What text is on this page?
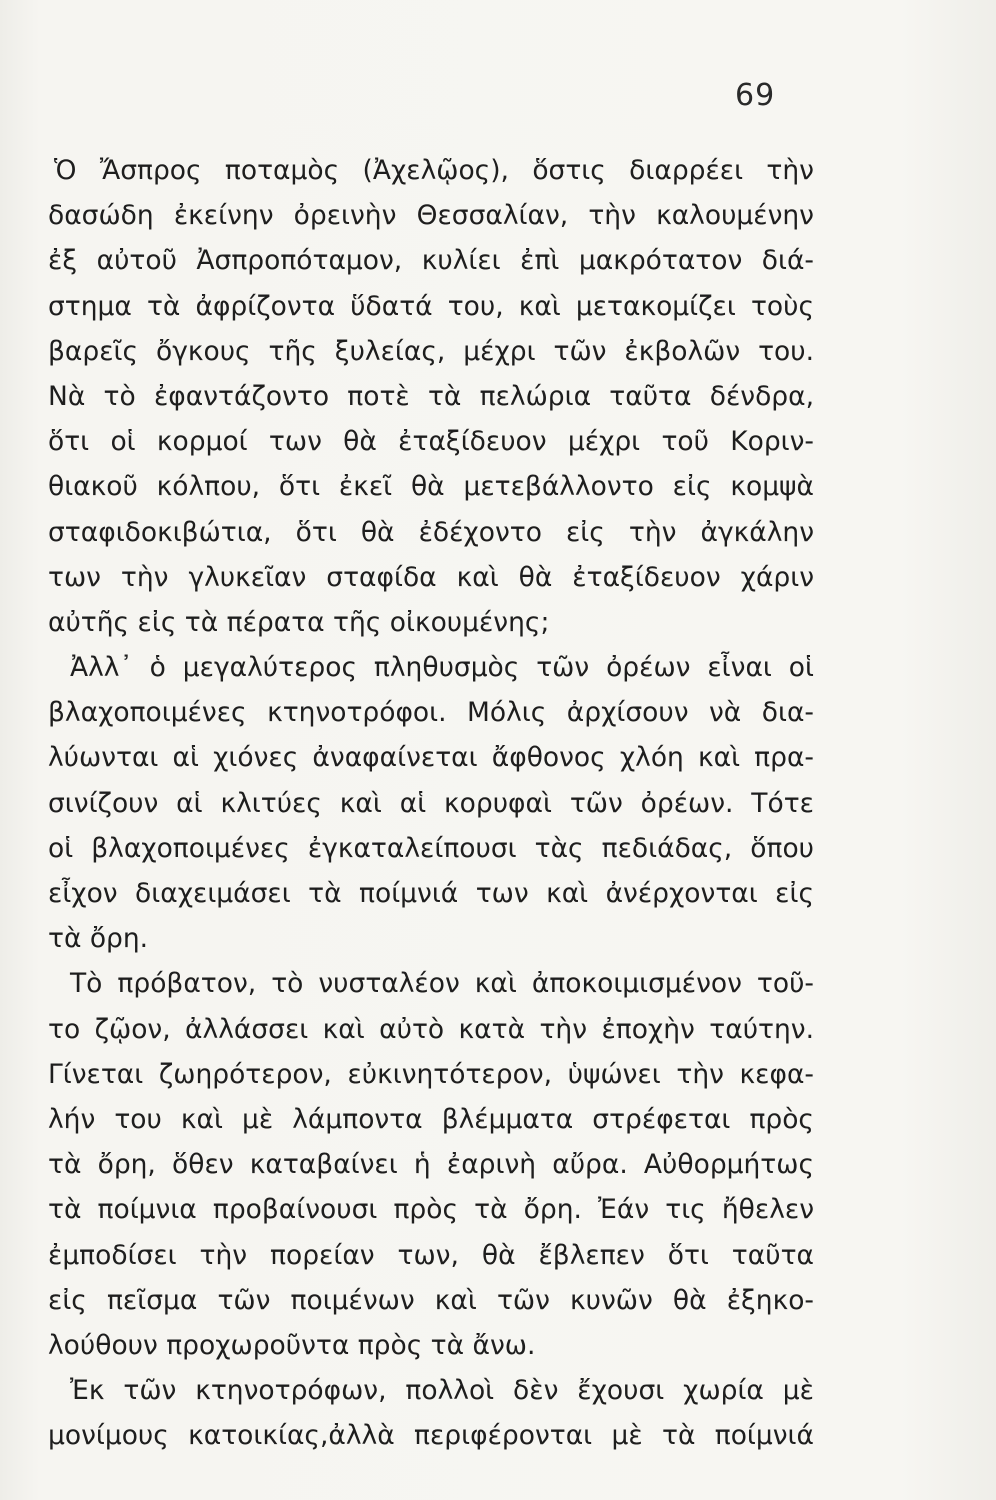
69
Ὁ Ἄσπρος ποταμὸς (Ἀχελῷος), ὅστις διαρρέει τὴν
δασώδη ἐκείνην ὀρεινὴν Θεσσαλίαν, τὴν καλουμένην
ἐξ αὐτοῦ Ἀσπροπόταμον, κυλίει ἐπὶ μακρότατον διά-
στημα τὰ ἀφρίζοντα ὕδατά του, καὶ μετακομίζει τοὺς
βαρεῖς ὄγκους τῆς ξυλείας, μέχρι τῶν ἐκβολῶν του.
Νὰ τὸ ἐφαντάζοντο ποτὲ τὰ πελώρια ταῦτα δένδρα,
ὅτι οἱ κορμοί των θὰ ἐταξίδευον μέχρι τοῦ Κοριν-
θιακοῦ κόλπου, ὅτι ἐκεῖ θὰ μετεβάλλοντο εἰς κομψὰ
σταφιδοκιβώτια, ὅτι θὰ ἐδέχοντο εἰς τὴν ἀγκάλην
των τὴν γλυκεῖαν σταφίδα καὶ θὰ ἐταξίδευον χάριν
αὐτῆς εἰς τὰ πέρατα τῆς οἰκουμένης;
Ἀλλ᾽ ὁ μεγαλύτερος πληθυσμὸς τῶν ὀρέων εἶναι οἱ
βλαχοποιμένες κτηνοτρόφοι. Μόλις ἀρχίσουν νὰ δια-
λύωνται αἱ χιόνες ἀναφαίνεται ἄφθονος χλόη καὶ πρα-
σινίζουν αἱ κλιτύες καὶ αἱ κορυφαὶ τῶν ὀρέων. Τότε
οἱ βλαχοποιμένες ἐγκαταλείπουσι τὰς πεδιάδας, ὅπου
εἶχον διαχειμάσει τὰ ποίμνιά των καὶ ἀνέρχονται εἰς
τὰ ὄρη.
Τὸ πρόβατον, τὸ νυσταλέον καὶ ἀποκοιμισμένον τοῦ-
το ζῷον, ἀλλάσσει καὶ αὐτὸ κατὰ τὴν ἐποχὴν ταύτην.
Γίνεται ζωηρότερον, εὐκινητότερον, ὑψώνει τὴν κεφα-
λήν του καὶ μὲ λάμποντα βλέμματα στρέφεται πρὸς
τὰ ὄρη, ὅθεν καταβαίνει ἡ ἐαρινὴ αὔρα. Αὐθορμήτως
τὰ ποίμνια προβαίνουσι πρὸς τὰ ὄρη. Ἐάν τις ἤθελεν
ἐμποδίσει τὴν πορείαν των, θὰ ἔβλεπεν ὅτι ταῦτα
εἰς πεῖσμα τῶν ποιμένων καὶ τῶν κυνῶν θὰ ἐξηκο-
λούθουν προχωροῦντα πρὸς τὰ ἄνω.
Ἐκ τῶν κτηνοτρόφων, πολλοὶ δὲν ἔχουσι χωρία μὲ
μονίμους κατοικίας,ἀλλὰ περιφέρονται μὲ τὰ ποίμνιά
